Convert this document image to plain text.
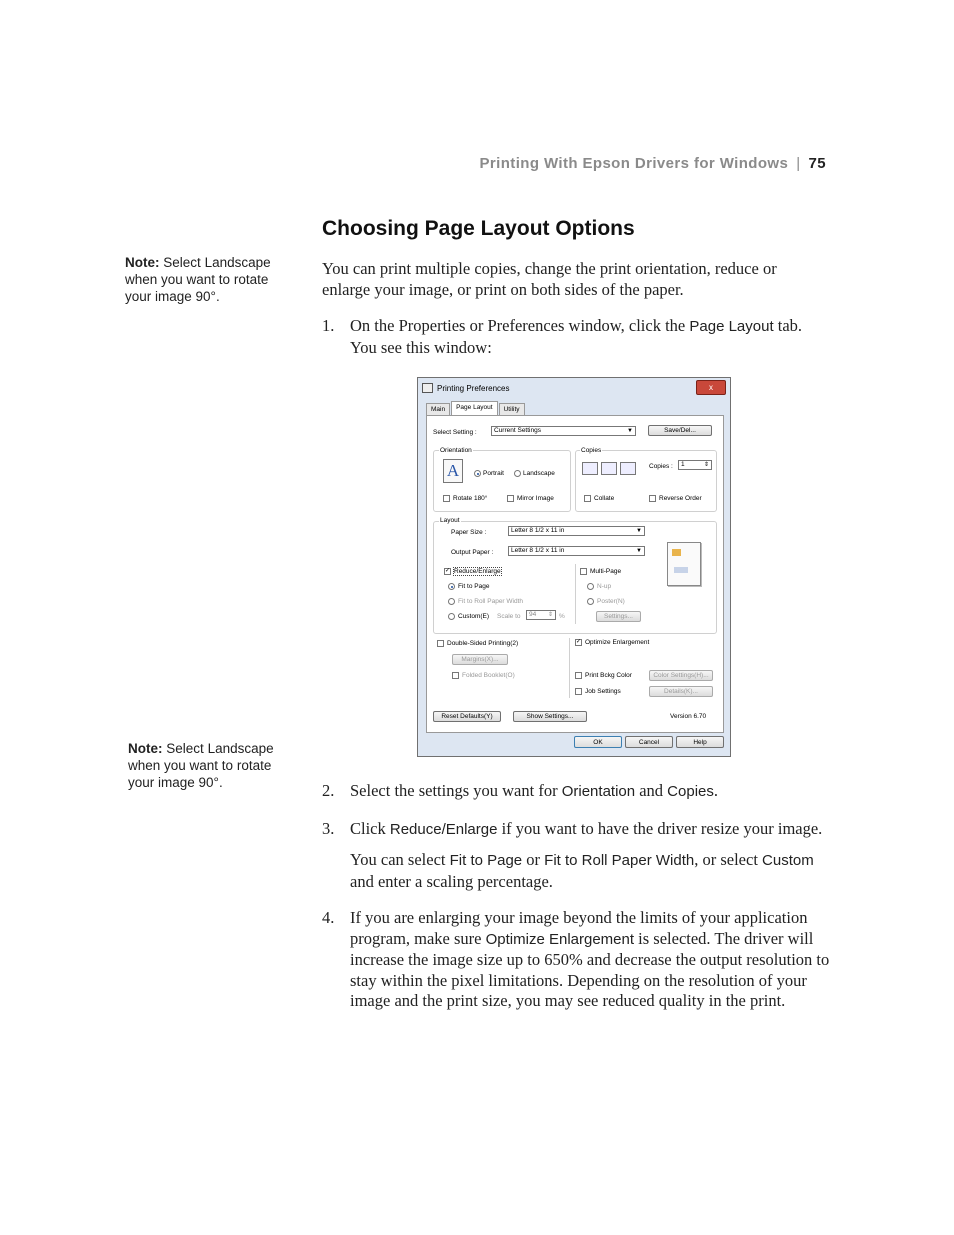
Printing With Epson Drivers for Windows | 75
Choosing Page Layout Options
Note: Select Landscape when you want to rotate your image 90°.
Note: Select Landscape when you want to rotate your image 90°.

You can print multiple copies, change the print orientation, reduce or enlarge your image, or print on both sides of the paper.

1. On the Properties or Preferences window, click the Page Layout tab. You see this window:
Printing Preferences	x
Main	Page Layout	Utility
Select Setting :	Current Settings	▼	Save/Del...
Orientation
A	Portrait	Landscape
Rotate 180°	Mirror Image
Copies
Copies :	1	⇕
Collate	Reverse Order
Layout
Paper Size :	Letter 8 1/2 x 11 in	▼
Output Paper :	Letter 8 1/2 x 11 in	▼
✓ Reduce/Enlarge
Fit to Page
Fit to Roll Paper Width
Custom(E) Scale to	94 ⇕ %
Multi-Page
N-up
Poster(N)
Settings...
Double-Sided Printing(2)
Margins(X)...
Folded Booklet(O)
✓ Optimize Enlargement
Print Bckg Color	Color Settings(H)...
Job Settings	Details(K)...
Reset Defaults(Y)	Show Settings...	Version 6.70
OK	Cancel	Help
2. Select the settings you want for Orientation and Copies.
3. Click Reduce/Enlarge if you want to have the driver resize your image.
You can select Fit to Page or Fit to Roll Paper Width, or select Custom and enter a scaling percentage.
4. If you are enlarging your image beyond the limits of your application program, make sure Optimize Enlargement is selected. The driver will increase the image size up to 650% and decrease the output resolution to stay within the pixel limitations. Depending on the resolution of your image and the print size, you may see reduced quality in the print.
